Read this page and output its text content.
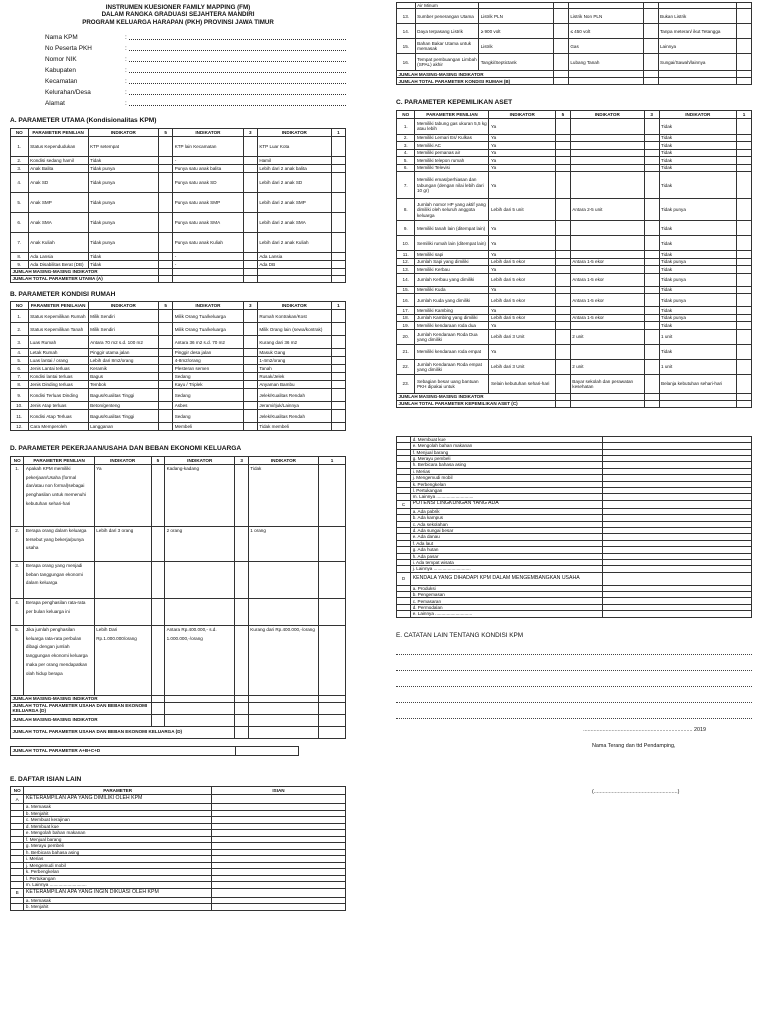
INSTRUMEN KUESIONER FAMILY MAPPING (FM)
DALAM RANGKA GRADUASI SEJAHTERA MANDIRI
PROGRAM KELUARGA HARAPAN (PKH) PROVINSI JAWA TIMUR
Nama KPM	:
No Peserta PKH	:
Nomor NIK	:
Kabupaten	:
Kecamatan	:
Kelurahan/Desa	:
Alamat	:
A. PARAMETER UTAMA (Kondisionalitas KPM)
NO	PARAMETER PENILIAN	INDIKATOR	5	INDIKATOR	3	INDIKATOR	1
1.	Status Kependudukan	KTP setempat		KTP lain Kecamatan		KTP Luar Kota	
2.	Kondisi sedang hamil	Tidak		-		Hamil	
3.	Anak Balita	Tidak punya		Punya satu anak balita		Lebih dari 2 anak balita	
4.	Anak SD	Tidak punya		Punya satu anak SD		Lebih dari 2 anak SD	
5.	Anak SMP	Tidak punya		Punya satu anak SMP		Lebih dari 2 anak SMP	
6.	Anak SMA	Tidak punya		Punya satu anak SMA		Lebih dari 2 anak SMA	
7.	Anak Kuliah	Tidak punya		Punya satu anak Kuliah		Lebih dari 2 anak Kuliah	
8.	Ada Lansia	Tidak		-		Ada Lansia	
9.	Ada Disabilitas Berat (DB)	Tidak		-		Ada DB	
JUMLAH MASING-MASING INDIKATOR							
JUMLAH TOTAL PARAMETER UTAMA (A)							
B. PARAMETER KONDISI RUMAH
NO	PARAMETER PENILAIAN	INDIKATOR	5	INDIKATOR	3	INDIKATOR	1
1.	Status Kepemilikan Rumah	Milik Sendiri		Milik Orang Tua/keluarga		Rumah Kontrakan/Kost	
2.	Status Kepemilikan Tanah	Milik Sendiri		Milik Orang Tua/keluarga		Milik Orang lain (sewa/kontrak)	
3.	Luas Rumah	Antara 70 m2 s.d. 100 m2		Antara 36 m2 s.d. 70 m2		Kurang dari 36 m2	
4.	Letak Rumah	Pinggir utama jalan		Pinggir desa jalan		Masuk Gang	
5.	Luas lantai / orang	Lebih dari 8m2/orang		4-8m2/orang		1-4m2/orang	
6.	Jenis Lantai terluas	Keramik		Plesteran semen		Tanah	
7.	Kondisi lantai terluas	Bagus		Sedang		Rusak/Jelek	
8.	Jenis Dinding terluas	Tembok		Kayu / Triplek		Anyaman Bambu	
9.	Kondisi Terluas Dinding	Bagus/Kualitas Tinggi		Sedang		Jelek/Kualitas Rendah	
10.	Jenis Atap terluas	Beton/genteng		Asbes		Jerami/Ijuk/Lainnya	
11.	Kondisi Atap Terluas	Bagus/Kualitas Tinggi		Sedang		Jelek/Kualitas Rendah	
12.	Cara Memperoleh	Langganan		Membeli		Tidak membeli	
D. PARAMETER PEKERJAAN/USAHA DAN BEBAN EKONOMI KELUARGA
NO	PARAMETER PENILIAN	INDIKATOR	5	INDIKATOR	3	INDIKATOR	1
1.	Apakah KPM memiliki pekerjaan/Usaha (formal dan/atau non formal)sebagai penghasilan untuk memenuhi kebutuhan sehari-hari	Ya		Kadang-kadang		Tidak	
2.	Berapa orang dalam keluarga tersebut yang bekerja/punya usaha	Lebih dari 3 orang		2 orang		1 orang	
3.	Berapa orang yang menjadi beban tanggungan ekonomi dalam keluarga						
4.	Berapa penghasilan rata-rata per bulan keluarga ini						
5.	Jika jumlah penghasilan keluarga rata-rata perbulan dibagi dengan jumlah tanggungan ekonomi keluarga maka per orang mendapatkan olah hidup berapa	Lebih Dari Rp.1.000.000/orang		Antara Rp.400.000,- s.d. 1.000.000,-/orang		Kurang dari Rp.400.000,-/orang	
JUMLAH MASING-MASING INDIKATOR							
JUMLAH TOTAL PARAMETER USAHA DAN BEBAN EKONOMI KELUARGA (D)							
JUMLAH MASING-MASING INDIKATOR							
JUMLAH TOTAL PARAMETER USAHA DAN BEBAN EKONOMI KELUARGA (D)							
JUMLAH TOTAL PARAMETER A+B+C+D	
E. DAFTAR ISIAN LAIN
NO	PARAMETER	ISIAN
A	KETERAMPILAN APA YANG DIMILIKI OLEH KPM	
	a. Memasak	
	b. Menjahit	
	c. Membuat kerajinan	
	d. Membuat kue	
	e. Mengolah bahan makanan	
	f. Menjual barang	
	g. Merayu pembeli	
	h. Berbicara bahasa asing	
	i. Merias	
	j. Mengemudi mobil	
	k. Perbengkelan	
	l. Pertukangan	
	m. Lainnya .............................	
B	KETERAMPILAN APA YANG INGIN DIKUASI OLEH KPM	
	a. Memasak	
	b. Menjahit	
	Air Minum						
13.	Sumber penerangan Utama	Listrik PLN		Listrik Non PLN		Bukan Listrik	
14.	Daya terpasang Listrik	≥ 900 volt		≤ 450 volt		Tanpa meteran/ ikut Tetangga	
15.	Bahan Bakar Utama untuk memasak	Listrik		Gas		Lainnya	
16.	Tempat pembuangan Limbah (SPAL) akhir	Tangki/Septictank		Lubang Tanah		Sungai/Sawah/lainnya	
JUMLAH MASING-MASING INDIKATOR							
JUMLAH TOTAL PARAMETER KONDISI RUMAH (B)							
C. PARAMETER KEPEMILIKAN ASET
NO	PARAMETER PENILIAN	INDIKATOR	5	INDIKATOR	3	INDIKATOR	1
1.	Memiliki tabung gas ukuran 5,5 kg atau lebih	Ya				Tidak	
2.	Memiliki Lemari Es/ Kulkas	Ya				Tidak	
3.	Memiliki AC	Ya				Tidak	
4.	Memiliki pemanas air	Ya				Tidak	
5.	Memiliki telepon rumah	Ya				Tidak	
6.	Memiliki Televisi	Ya				Tidak	
7.	Memiliki emas/perhiasan dan tabungan (dengan nilai lebih dari 10 gr)	Ya				Tidak	
8.	Jumlah nomor HP yang aktif yang dimiliki oleh seluruh anggota keluarga	Lebih dari 5 unit		Antara 2-5 unit		Tidak punya	
9.	Memiliki tanah lain (ditempat lain)	Ya				Tidak	
10.	Semiliki rumah lain (ditempat lain)	Ya				Tidak	
11.	Memiliki sapi	Ya				Tidak	
12.	Jumlah Sapi yang dimiliki	Lebih dari 5 ekor		Antara 1-5 ekor		Tidak punya	
13.	Memiliki Kerbau	Ya				Tidak	
14.	Jumlah Kerbau yang dimiliki	Lebih dari 5 ekor		Antara 1-5 ekor		Tidak punya	
15.	Memiliki Kuda	Ya				Tidak	
16.	Jumlah Kuda yang dimiliki	Lebih dari 5 ekor		Antara 1-5 ekor		Tidak punya	
17.	Memiliki Kambing	Ya				Tidak	
18.	Jumlah Kambing yang dimiliki	Lebih dari 5 ekor		Antara 1-5 ekor		Tidak punya	
19.	Memiliki kendaraan roda dua	Ya				Tidak	
20.	Jumlah Kendaraan Roda Dua yang dimiliki	Lebih dari 3 Unit		2 unit		1 unit	
21.	Memiliki kendaraan roda empat	Ya				Tidak	
22.	Jumlah Kendaraan Roda empat yang dimiliki	Lebih dari 3 Unit		2 unit		1 unit	
23.	Sebagian besar uang bantuan PKH dipakai untuk	Selain kebutuhan sehari-hari		Bayar sekolah dan perawatan kesehatan		Belanja kebutuhan sehari-hari	
JUMLAH MASING-MASING INDIKATOR							
JUMLAH TOTAL PARAMETER KEPEMILIKAN ASET (C)							
	d. Membuat kue	
	e. Mengolah bahan makanan	
	f. Menjual barang	
	g. Merayu pembeli	
	h. Berbicara bahasa asing	
	i. Merias	
	j. Mengemudi mobil	
	k. Perbengkelan	
	l. Pertukangan	
	m. Lainnya .............................	
C	POTENSI LINGKUNGAN YANG ADA	
	a. Ada pabrik	
	b. Ada kampus	
	c. Ada sekolahan	
	d. Ada sungai besar	
	e. Ada danau	
	f. Ada laut	
	g. Ada hutan	
	h. Ada pasar	
	i. Ada tempat wisata	
	j. Lainnya .............................	
D	KENDALA YANG DIHADAPI KPM DALAM MENGEMBANGKAN USAHA	
	a. Produksi	
	b. Pengemasan	
	c. Pemasaran	
	d. Permodalan	
	e. Lainnya .............................	
E. CATATAN LAIN TENTANG KONDISI KPM
......................................................................... 2019
Nama Terang dan ttd Pendamping,
(........................................................)
